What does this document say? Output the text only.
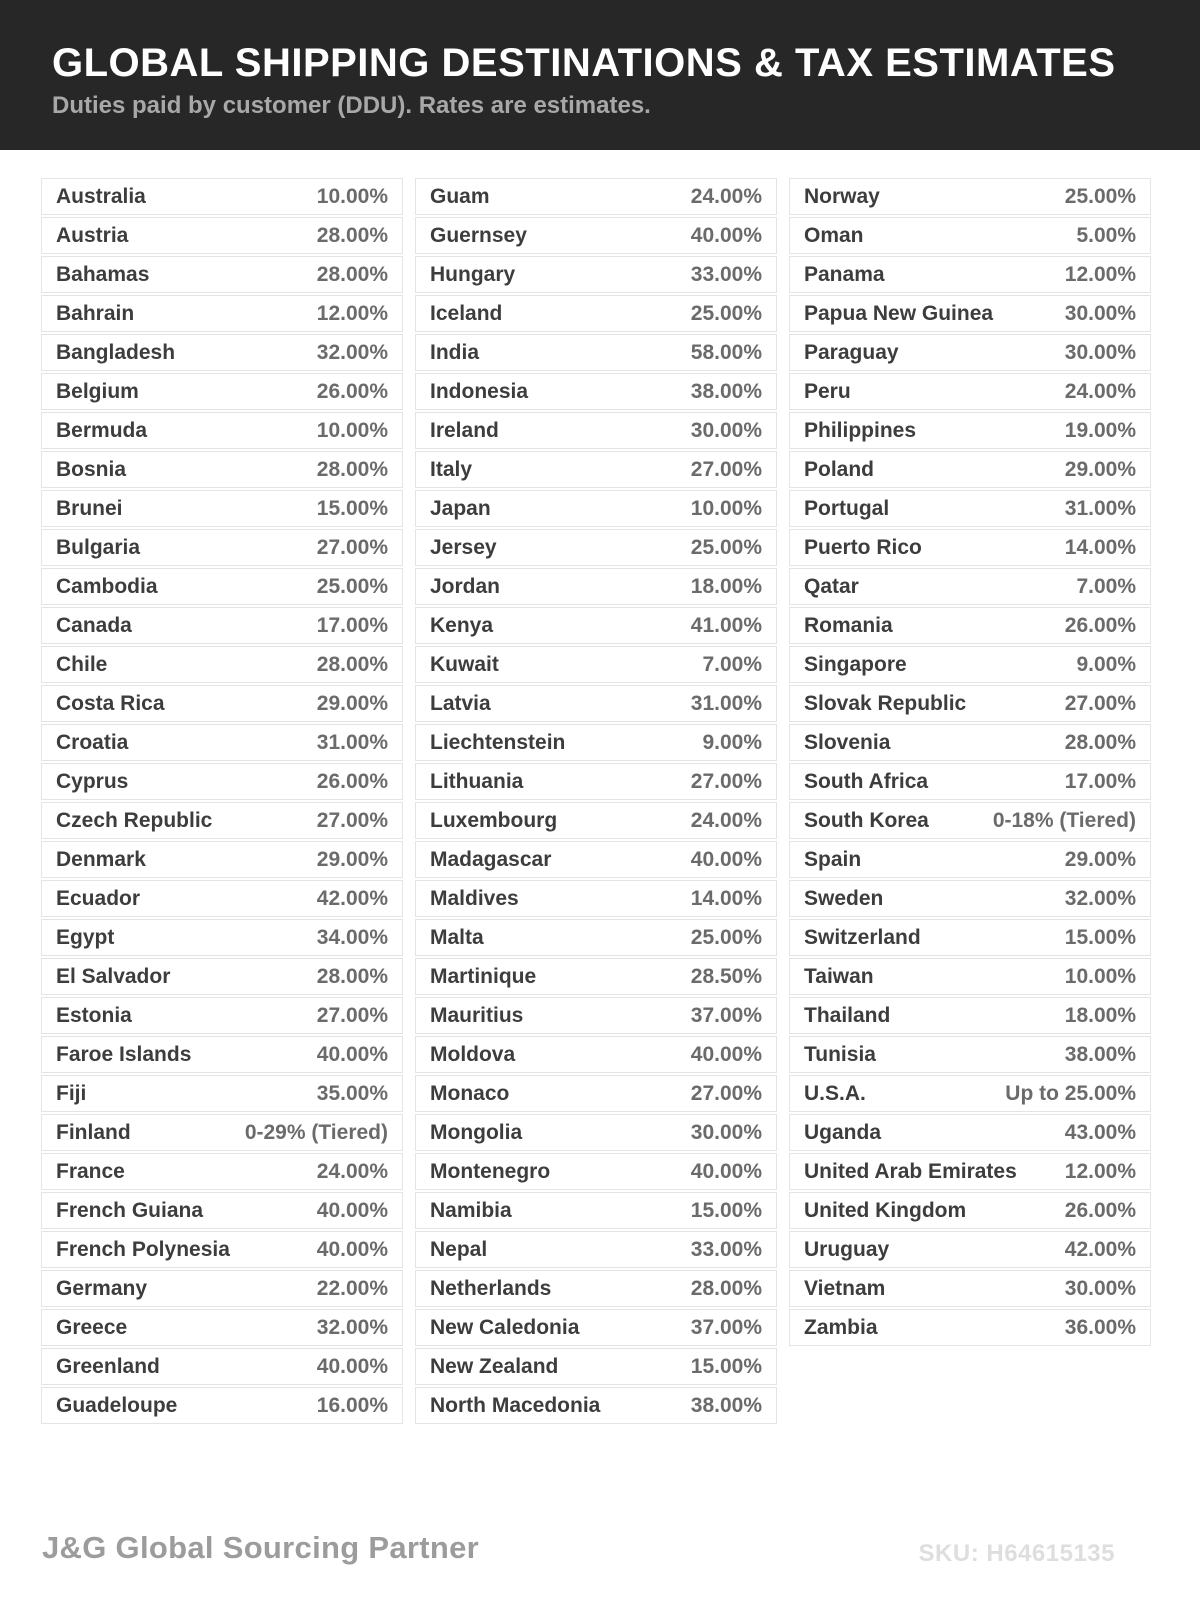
GLOBAL SHIPPING DESTINATIONS & TAX ESTIMATES

Duties paid by customer (DDU). Rates are estimates.

Australia	10.00%
Austria	28.00%
Bahamas	28.00%
Bahrain	12.00%
Bangladesh	32.00%
Belgium	26.00%
Bermuda	10.00%
Bosnia	28.00%
Brunei	15.00%
Bulgaria	27.00%
Cambodia	25.00%
Canada	17.00%
Chile	28.00%
Costa Rica	29.00%
Croatia	31.00%
Cyprus	26.00%
Czech Republic	27.00%
Denmark	29.00%
Ecuador	42.00%
Egypt	34.00%
El Salvador	28.00%
Estonia	27.00%
Faroe Islands	40.00%
Fiji	35.00%
Finland	0-29% (Tiered)
France	24.00%
French Guiana	40.00%
French Polynesia	40.00%
Germany	22.00%
Greece	32.00%
Greenland	40.00%
Guadeloupe	16.00%
Guam	24.00%
Guernsey	40.00%
Hungary	33.00%
Iceland	25.00%
India	58.00%
Indonesia	38.00%
Ireland	30.00%
Italy	27.00%
Japan	10.00%
Jersey	25.00%
Jordan	18.00%
Kenya	41.00%
Kuwait	7.00%
Latvia	31.00%
Liechtenstein	9.00%
Lithuania	27.00%
Luxembourg	24.00%
Madagascar	40.00%
Maldives	14.00%
Malta	25.00%
Martinique	28.50%
Mauritius	37.00%
Moldova	40.00%
Monaco	27.00%
Mongolia	30.00%
Montenegro	40.00%
Namibia	15.00%
Nepal	33.00%
Netherlands	28.00%
New Caledonia	37.00%
New Zealand	15.00%
North Macedonia	38.00%
Norway	25.00%
Oman	5.00%
Panama	12.00%
Papua New Guinea	30.00%
Paraguay	30.00%
Peru	24.00%
Philippines	19.00%
Poland	29.00%
Portugal	31.00%
Puerto Rico	14.00%
Qatar	7.00%
Romania	26.00%
Singapore	9.00%
Slovak Republic	27.00%
Slovenia	28.00%
South Africa	17.00%
South Korea	0-18% (Tiered)
Spain	29.00%
Sweden	32.00%
Switzerland	15.00%
Taiwan	10.00%
Thailand	18.00%
Tunisia	38.00%
U.S.A.	Up to 25.00%
Uganda	43.00%
United Arab Emirates 12.00%
United Kingdom	26.00%
Uruguay	42.00%
Vietnam	30.00%
Zambia	36.00%
J&G Global Sourcing Partner	SKU: H64615135
